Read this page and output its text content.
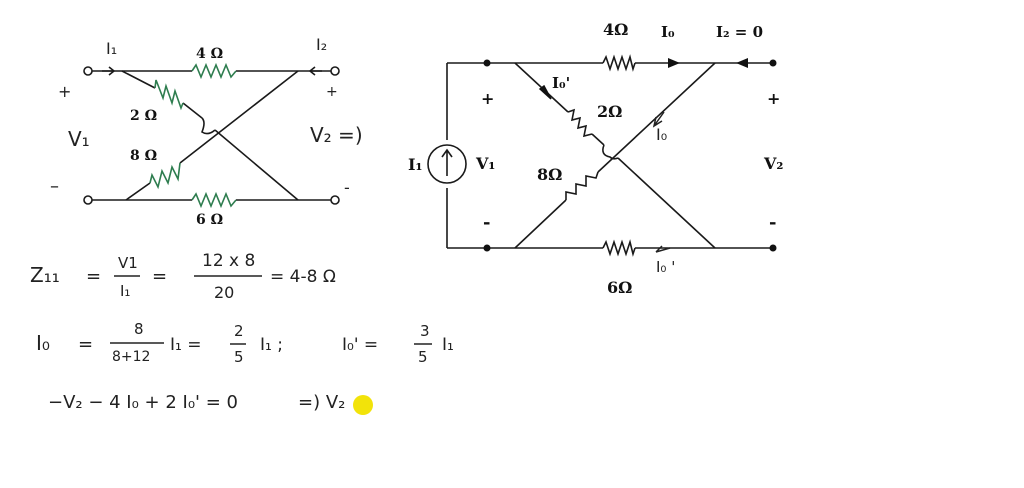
I₁	I₂
4 Ω
2 Ω
8 Ω
6 Ω
+	+
–	-
V₁	V₂ =)
4Ω I₀	I₂ = 0
I₀'
2Ω
I₀
8Ω
I₁	V₁	V₂
+
-
+
-
I₀ '
6Ω
Z₁₁ =
V1
I₁
=
12 x 8
20
= 4-8 Ω
I₀ =
8
8+12
I₁ =
2
5
I₁ ;	I₀' =
3
5
I₁
−V₂ − 4 I₀ + 2 I₀' = 0	=) V₂
